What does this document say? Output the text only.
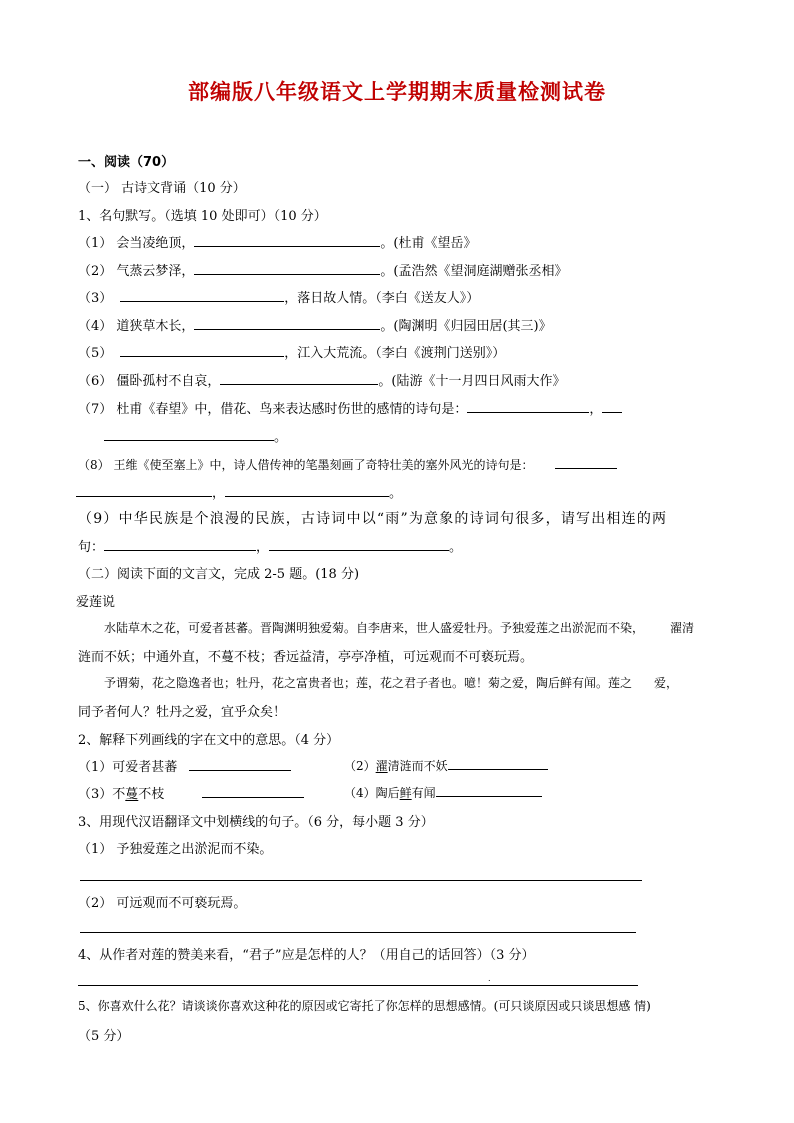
部编版八年级语文上学期期末质量检测试卷
一、阅读（70）
（一） 古诗文背诵（10 分）
1、名句默写。（选填 10 处即可）（10 分）
（1） 会当凌绝顶，	。(杜甫《望岳》
（2） 气蒸云梦泽，	。(孟浩然《望洞庭湖赠张丞相》
（3）	，落日故人情。（李白《送友人》）
（4） 道狭草木长，	。(陶渊明《归园田居(其三)》
（5）	，江入大荒流。（李白《渡荆门送别》）
（6） 僵卧孤村不自哀，	。(陆游《十一月四日风雨大作》
（7） 杜甫《春望》中，借花、鸟来表达感时伤世的感情的诗句是：	，
。
（8） 王维《使至塞上》中，诗人借传神的笔墨刻画了奇特壮美的塞外风光的诗句是：
，	。
（9）中华民族是个浪漫的民族，古诗词中以“雨”为意象的诗词句很多，请写出相连的两
句：	，	。
（二）阅读下面的文言文，完成 2-5 题。(18 分)
爱莲说
水陆草木之花，可爱者甚蕃。晋陶渊明独爱菊。自李唐来，世人盛爱牡丹。予独爱莲之出淤泥而不染， 濯清
涟而不妖；中通外直，不蔓不枝；香远益清，亭亭净植，可远观而不可亵玩焉。
予谓菊，花之隐逸者也；牡丹，花之富贵者也；莲，花之君子者也。噫！菊之爱，陶后鲜有闻。莲之 爱，
同予者何人？牡丹之爱，宜乎众矣！
2、解释下列画线的字在文中的意思。（4 分）
（1）可爱者甚蕃	（2）濯清涟而不妖
（3）不蔓不枝	（4）陶后鲜有闻
3、用现代汉语翻译文中划横线的句子。（6 分，每小题 3 分）
（1） 予独爱莲之出淤泥而不染。
（2） 可远观而不可亵玩焉。
4、从作者对莲的赞美来看，“君子”应是怎样的人？（用自己的话回答）（3 分）
.
5、你喜欢什么花？请谈谈你喜欢这种花的原因或它寄托了你怎样的思想感情。(可只谈原因或只谈思想感 情)
（5 分）
